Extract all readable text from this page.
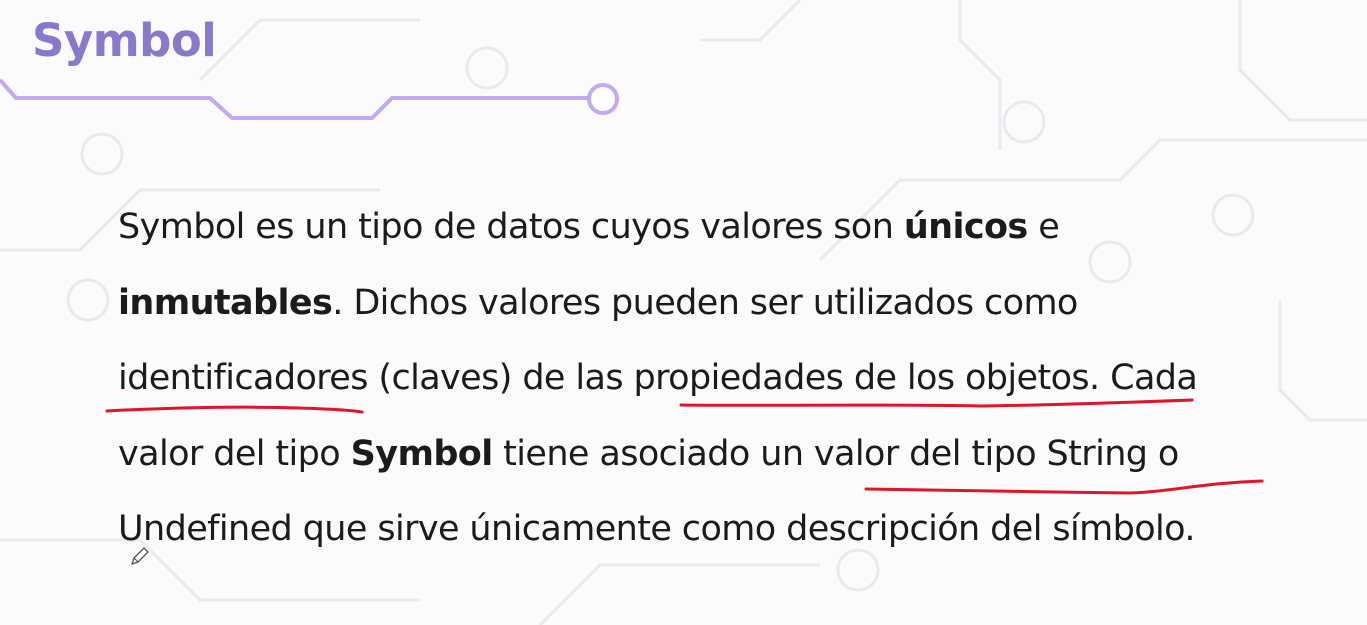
Symbol

Symbol es un tipo de datos cuyos valores son únicos e
inmutables. Dichos valores pueden ser utilizados como
identificadores (claves) de las propiedades de los objetos. Cada
valor del tipo Symbol tiene asociado un valor del tipo String o
Undefined que sirve únicamente como descripción del símbolo.
